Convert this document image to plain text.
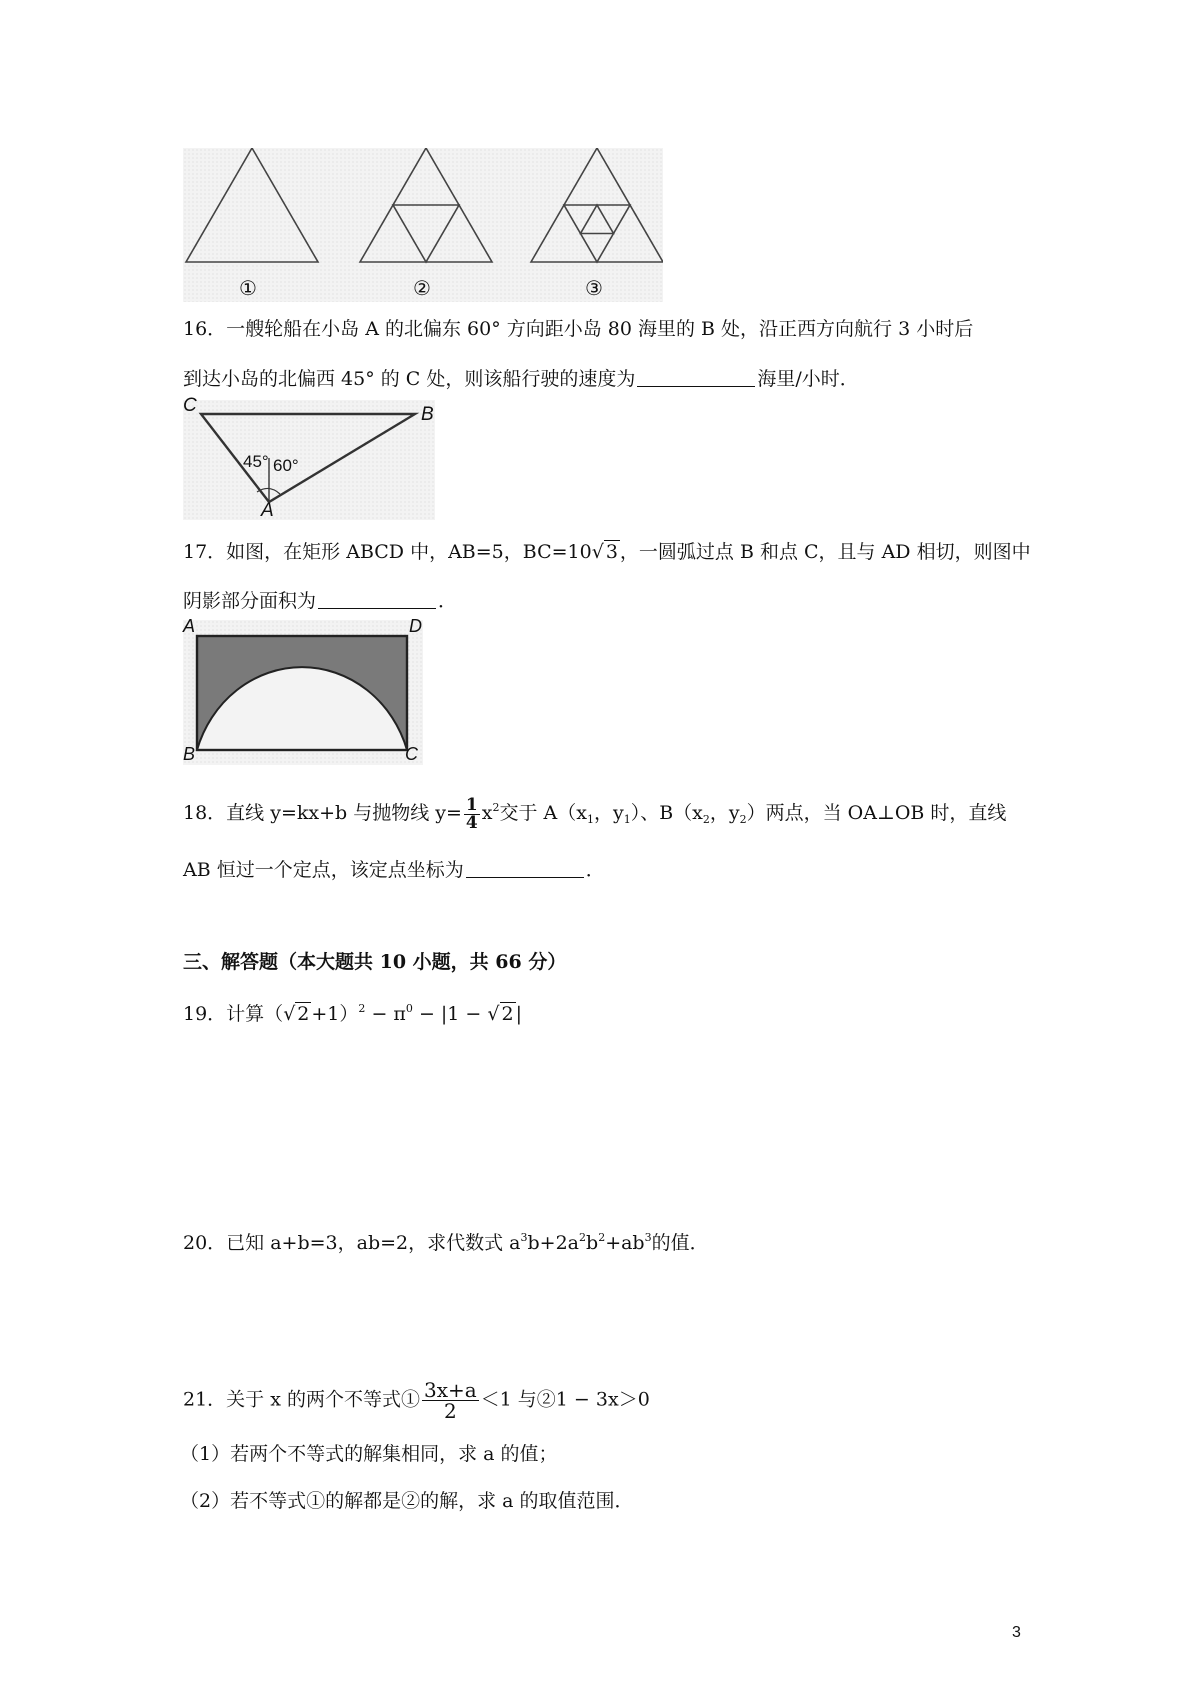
①	②	③
16．一艘轮船在小岛 A 的北偏东 60° 方向距小岛 80 海里的 B 处，沿正西方向航行 3 小时后
到达小岛的北偏西 45° 的 C 处，则该船行驶的速度为	海里/小时．
C	B
A
45° 60°
17．如图，在矩形 ABCD 中，AB=5，BC=10√ 3 ，一圆弧过点 B 和点 C，且与 AD 相切，则图中
阴影部分面积为	．
A	D
B	C
18．直线 y=kx+b 与抛物线 $y= \frac{1}{4} x^2$交于 $A(x_1$，$y_1$）、$B(x_2$，$y_2$）两点，当 OA⊥OB 时，直线
AB 恒过一个定点，该定点坐标为	．
三、解答题（本大题共 10 小题，共 66 分）
19．计算（√ $2 +1)^2 - \pi^0 - |1$ − √ 2 |
20．已知 a+b=3，ab=2，求代数式 $a^3b+2a^2b^2+ab^3$的值．
21．关于 x 的两个不等式① $\frac{3x+a}{2} <1$ 与②1 − 3x＞0
（1）若两个不等式的解集相同，求 a 的值；
（2）若不等式①的解都是②的解，求 a 的取值范围．
3
